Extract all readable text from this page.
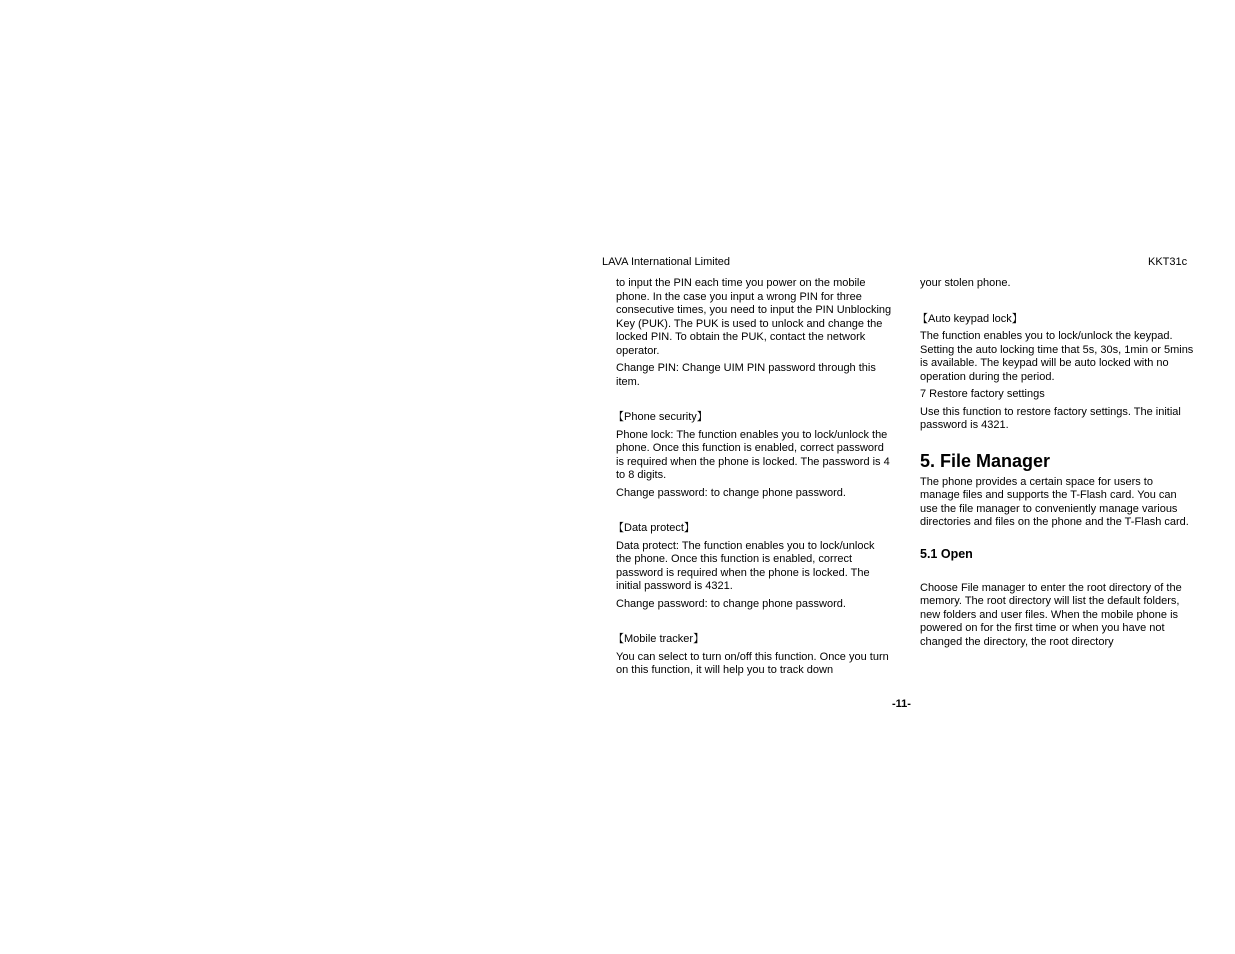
LAVA International Limited	KKT31c

to input the PIN each time you power on the mobile phone. In the case you input a wrong PIN for three consecutive times, you need to input the PIN Unblocking Key (PUK). The PUK is used to unlock and change the locked PIN. To obtain the PUK, contact the network operator.

Change PIN: Change UIM PIN password through this item.

【Phone security】

Phone lock: The function enables you to lock/unlock the phone. Once this function is enabled, correct password is required when the phone is locked. The password is 4 to 8 digits.

Change password: to change phone password.

【Data protect】

Data protect: The function enables you to lock/unlock the phone. Once this function is enabled, correct password is required when the phone is locked. The initial password is 4321.

Change password: to change phone password.

【Mobile tracker】

You can select to turn on/off this function. Once you turn on this function, it will help you to track down

your stolen phone.

【Auto keypad lock】

The function enables you to lock/unlock the keypad. Setting the auto locking time that 5s, 30s, 1min or 5mins is available. The keypad will be auto locked with no operation during the period.

7 Restore factory settings

Use this function to restore factory settings. The initial password is 4321.

5. File Manager

The phone provides a certain space for users to manage files and supports the T-Flash card. You can use the file manager to conveniently manage various directories and files on the phone and the T-Flash card.

5.1 Open

Choose File manager to enter the root directory of the memory. The root directory will list the default folders, new folders and user files. When the mobile phone is powered on for the first time or when you have not changed the directory, the root directory

-11-
